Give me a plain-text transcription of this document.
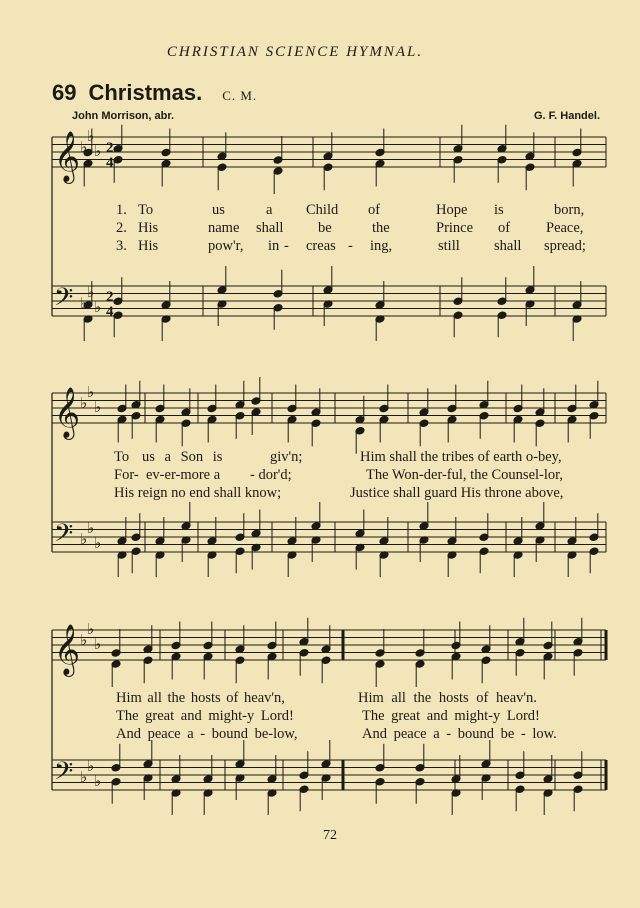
CHRISTIAN SCIENCE HYMNAL.
69 Christmas. C. M.
John Morrison, abr.	G. F. Handel.
𝄞 ♭
♭
♭
𝄢 ♭
♭
♭
𝄞 ♭
♭
♭
𝄢 ♭
♭
♭
𝄞 ♭
♭
♭
𝄢 ♭
♭
♭
2
4
2
4
1. To	us	a Child of	Hope is	born,
2. His	name shall be	the	Prince of Peace,
3. His	pow'r, in - creas - ing,	still shall spread;
To us a Son is	giv'n;	Him shall the tribes of earth o-bey,
For- ev-er-more a - dor'd;	The Won-der-ful, the Counsel-lor,
His reign no end shall know;	Justice shall guard His throne above,
Him all the hosts of heav'n,	Him all the hosts of heav'n.
The great and might-y Lord!	The great and might-y Lord!
And peace a - bound be-low,	And peace a - bound be - low.
72
